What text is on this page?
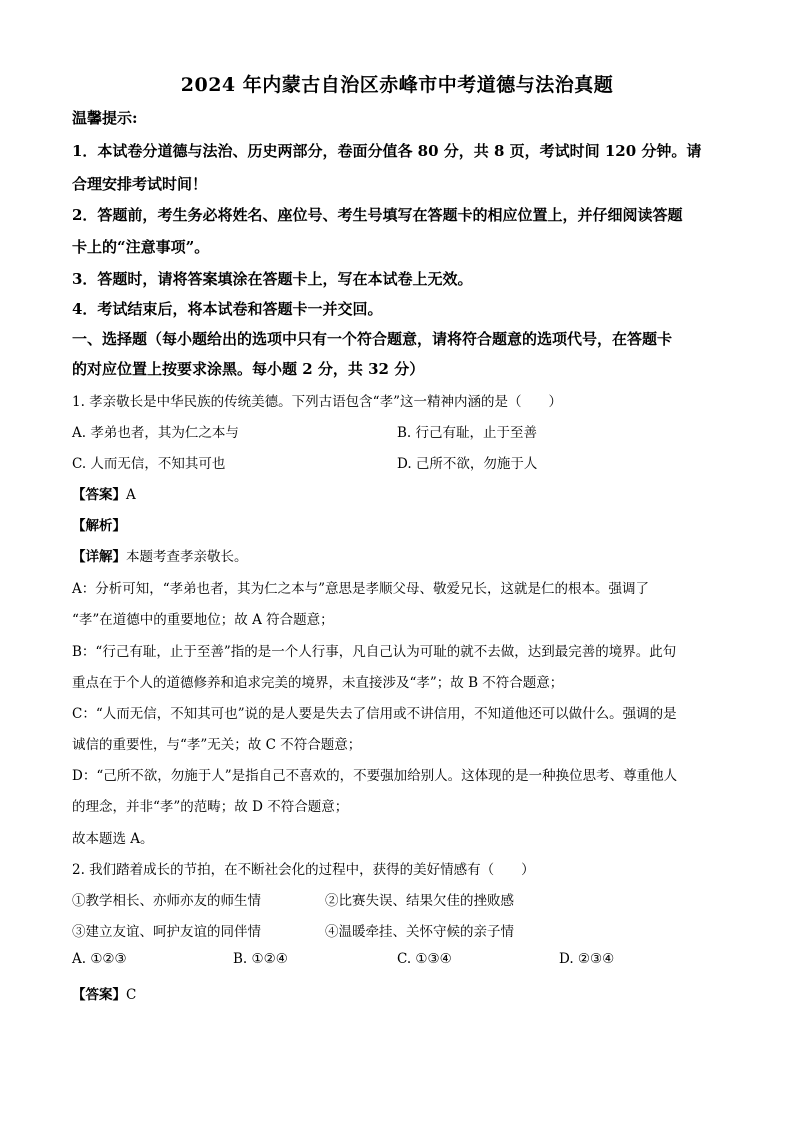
2024 年内蒙古自治区赤峰市中考道德与法治真题
温馨提示:
1．本试卷分道德与法治、历史两部分，卷面分值各 80 分，共 8 页，考试时间 120 分钟。请
合理安排考试时间！
2．答题前，考生务必将姓名、座位号、考生号填写在答题卡的相应位置上，并仔细阅读答题
卡上的“注意事项”。
3．答题时，请将答案填涂在答题卡上，写在本试卷上无效。
4．考试结束后，将本试卷和答题卡一并交回。
一、选择题（每小题给出的选项中只有一个符合题意，请将符合题意的选项代号，在答题卡
的对应位置上按要求涂黑。每小题 2 分，共 32 分）
1. 孝亲敬长是中华民族的传统美德。下列古语包含“孝”这一精神内涵的是（　　）
A. 孝弟也者，其为仁之本与	B. 行己有耻，止于至善
C. 人而无信，不知其可也	D. 己所不欲，勿施于人
【答案】A
【解析】
【详解】本题考查孝亲敬长。
A：分析可知，“孝弟也者，其为仁之本与”意思是孝顺父母、敬爱兄长，这就是仁的根本。强调了
“孝”在道德中的重要地位；故 A 符合题意；
B：“行己有耻，止于至善”指的是一个人行事，凡自己认为可耻的就不去做，达到最完善的境界。此句
重点在于个人的道德修养和追求完美的境界，未直接涉及“孝”；故 B 不符合题意；
C：“人而无信，不知其可也”说的是人要是失去了信用或不讲信用，不知道他还可以做什么。强调的是
诚信的重要性，与“孝”无关；故 C 不符合题意；
D：“己所不欲，勿施于人”是指自己不喜欢的，不要强加给别人。这体现的是一种换位思考、尊重他人
的理念，并非“孝”的范畴；故 D 不符合题意；
故本题选 A。
2. 我们踏着成长的节拍，在不断社会化的过程中，获得的美好情感有（　　）
①教学相长、亦师亦友的师生情	②比赛失误、结果欠佳的挫败感
③建立友谊、呵护友谊的同伴情	④温暖牵挂、关怀守候的亲子情
A. ①②③	B. ①②④	C. ①③④	D. ②③④
【答案】C
